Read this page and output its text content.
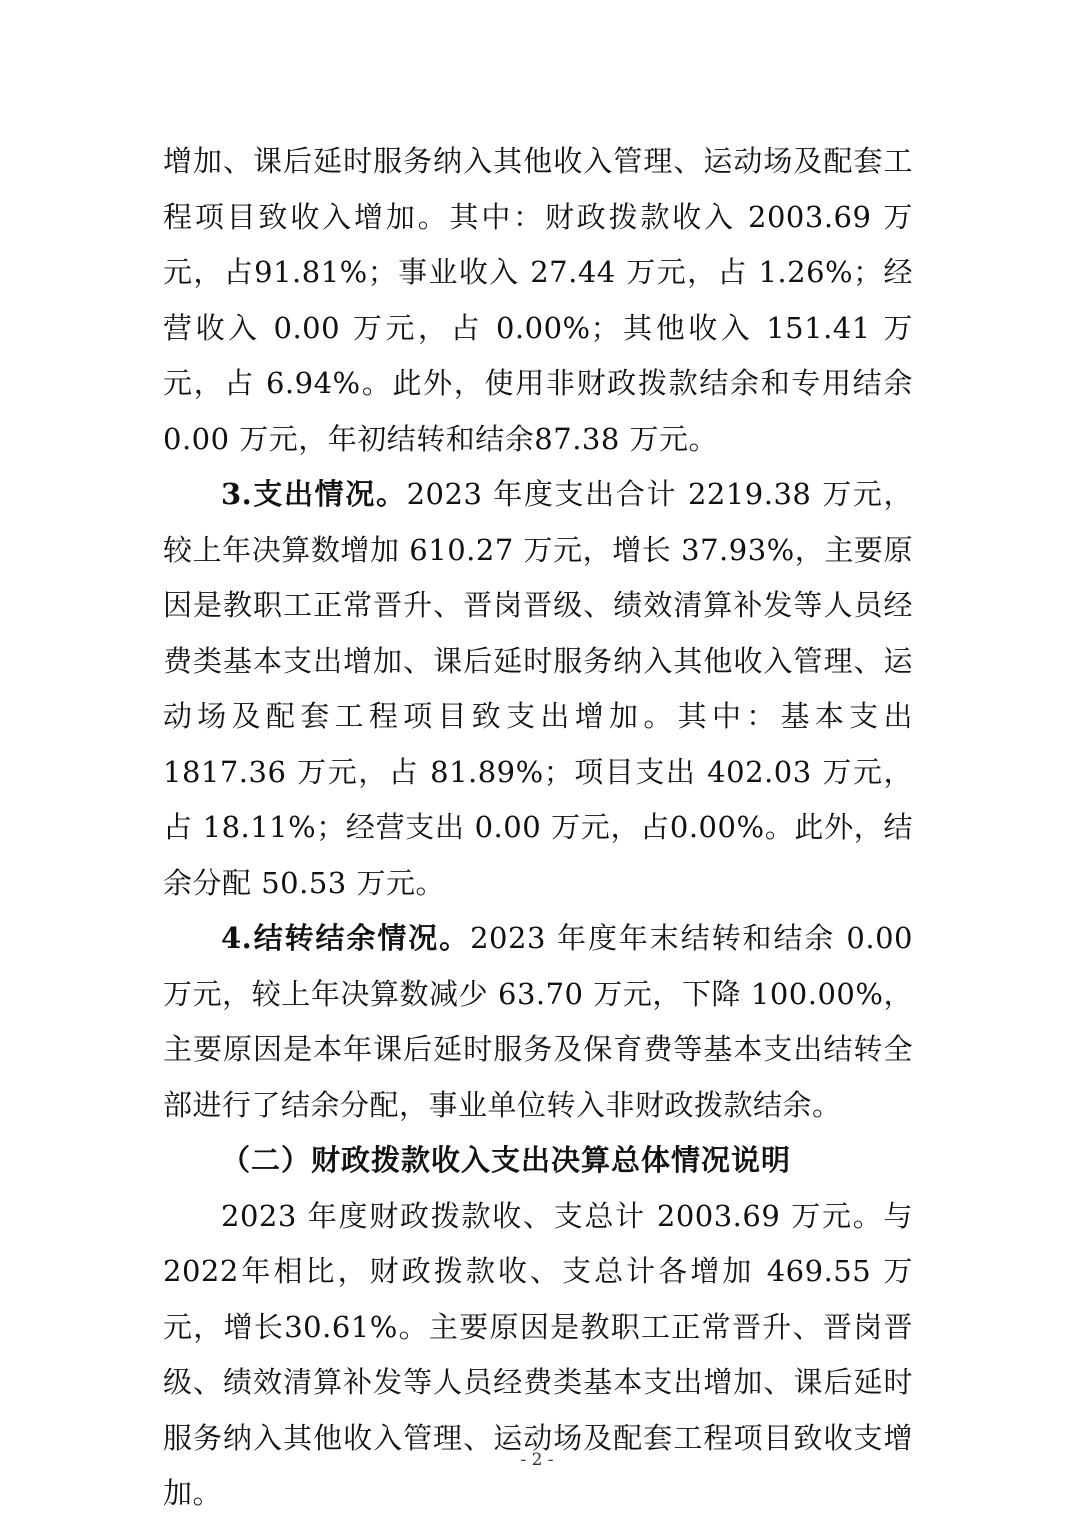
增加、课后延时服务纳入其他收入管理、运动场及配套工程项目致收入增加。其中：财政拨款收入 2003.69 万元，占91.81%；事业收入 27.44 万元，占 1.26%；经营收入 0.00 万元，占 0.00%；其他收入 151.41 万元，占 6.94%。此外，使用非财政拨款结余和专用结余 0.00 万元，年初结转和结余87.38 万元。

3.支出情况。2023 年度支出合计 2219.38 万元，较上年决算数增加 610.27 万元，增长 37.93%，主要原因是教职工正常晋升、晋岗晋级、绩效清算补发等人员经费类基本支出增加、课后延时服务纳入其他收入管理、运动场及配套工程项目致支出增加。其中：基本支出 1817.36 万元，占 81.89%；项目支出 402.03 万元，占 18.11%；经营支出 0.00 万元，占0.00%。此外，结余分配 50.53 万元。

4.结转结余情况。2023 年度年末结转和结余 0.00 万元，较上年决算数减少 63.70 万元，下降 100.00%，主要原因是本年课后延时服务及保育费等基本支出结转全部进行了结余分配，事业单位转入非财政拨款结余。

（二）财政拨款收入支出决算总体情况说明

2023 年度财政拨款收、支总计 2003.69 万元。与 2022年相比，财政拨款收、支总计各增加 469.55 万元，增长30.61%。主要原因是教职工正常晋升、晋岗晋级、绩效清算补发等人员经费类基本支出增加、课后延时服务纳入其他收入管理、运动场及配套工程项目致收支增加。

- 2 -
